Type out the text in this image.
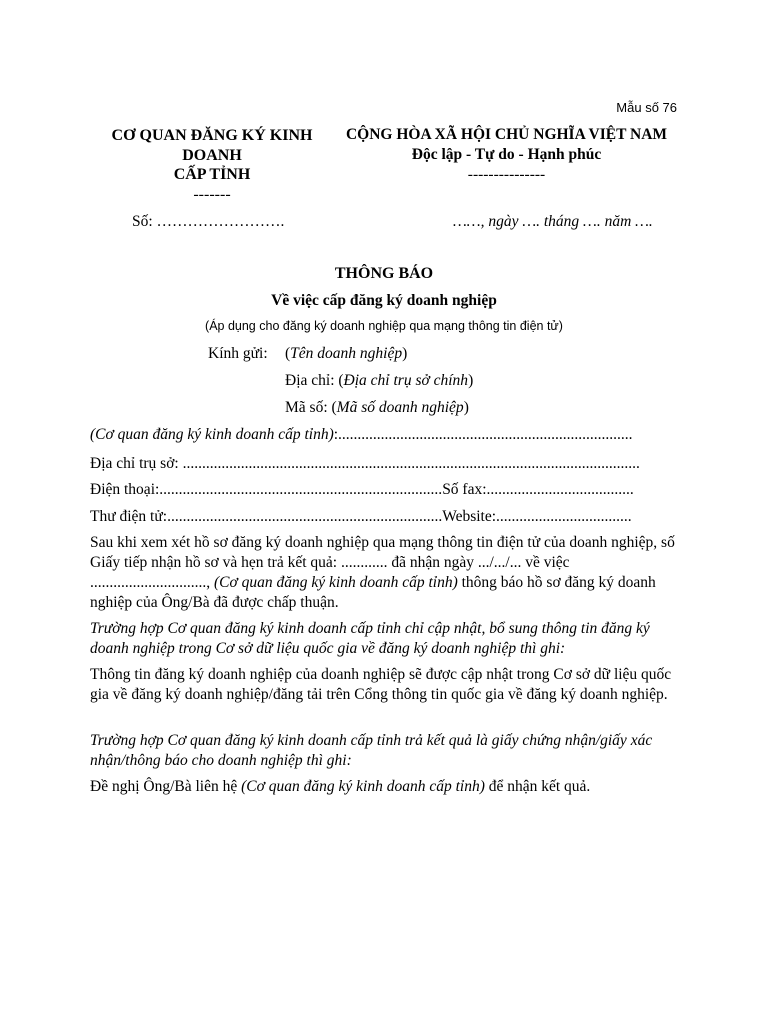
Mẫu số 76
CƠ QUAN ĐĂNG KÝ KINH
DOANH
CẤP TỈNH
-------
CỘNG HÒA XÃ HỘI CHỦ NGHĨA VIỆT NAM
Độc lập - Tự do - Hạnh phúc
---------------
Số: …………………….	……, ngày …. tháng …. năm ….
THÔNG BÁO
Về việc cấp đăng ký doanh nghiệp
(Áp dụng cho đăng ký doanh nghiệp qua mạng thông tin điện tử)
Kính gửi: (Tên doanh nghiệp)
Địa chỉ: (Địa chỉ trụ sở chính)
Mã số: (Mã số doanh nghiệp)
(Cơ quan đăng ký kinh doanh cấp tỉnh):............................................................................
Địa chỉ trụ sở: ......................................................................................................................
Điện thoại:.........................................................................Số fax:......................................
Thư điện tử:.......................................................................Website:...................................
Sau khi xem xét hồ sơ đăng ký doanh nghiệp qua mạng thông tin điện tử của doanh nghiệp, số Giấy tiếp nhận hồ sơ và hẹn trả kết quả: ............ đã nhận ngày .../.../... về việc .............................., (Cơ quan đăng ký kinh doanh cấp tỉnh) thông báo hồ sơ đăng ký doanh nghiệp của Ông/Bà đã được chấp thuận.
Trường hợp Cơ quan đăng ký kinh doanh cấp tỉnh chỉ cập nhật, bổ sung thông tin đăng ký doanh nghiệp trong Cơ sở dữ liệu quốc gia về đăng ký doanh nghiệp thì ghi:
Thông tin đăng ký doanh nghiệp của doanh nghiệp sẽ được cập nhật trong Cơ sở dữ liệu quốc gia về đăng ký doanh nghiệp/đăng tải trên Cổng thông tin quốc gia về đăng ký doanh nghiệp.
Trường hợp Cơ quan đăng ký kinh doanh cấp tỉnh trả kết quả là giấy chứng nhận/giấy xác nhận/thông báo cho doanh nghiệp thì ghi:
Đề nghị Ông/Bà liên hệ (Cơ quan đăng ký kinh doanh cấp tỉnh) để nhận kết quả.
